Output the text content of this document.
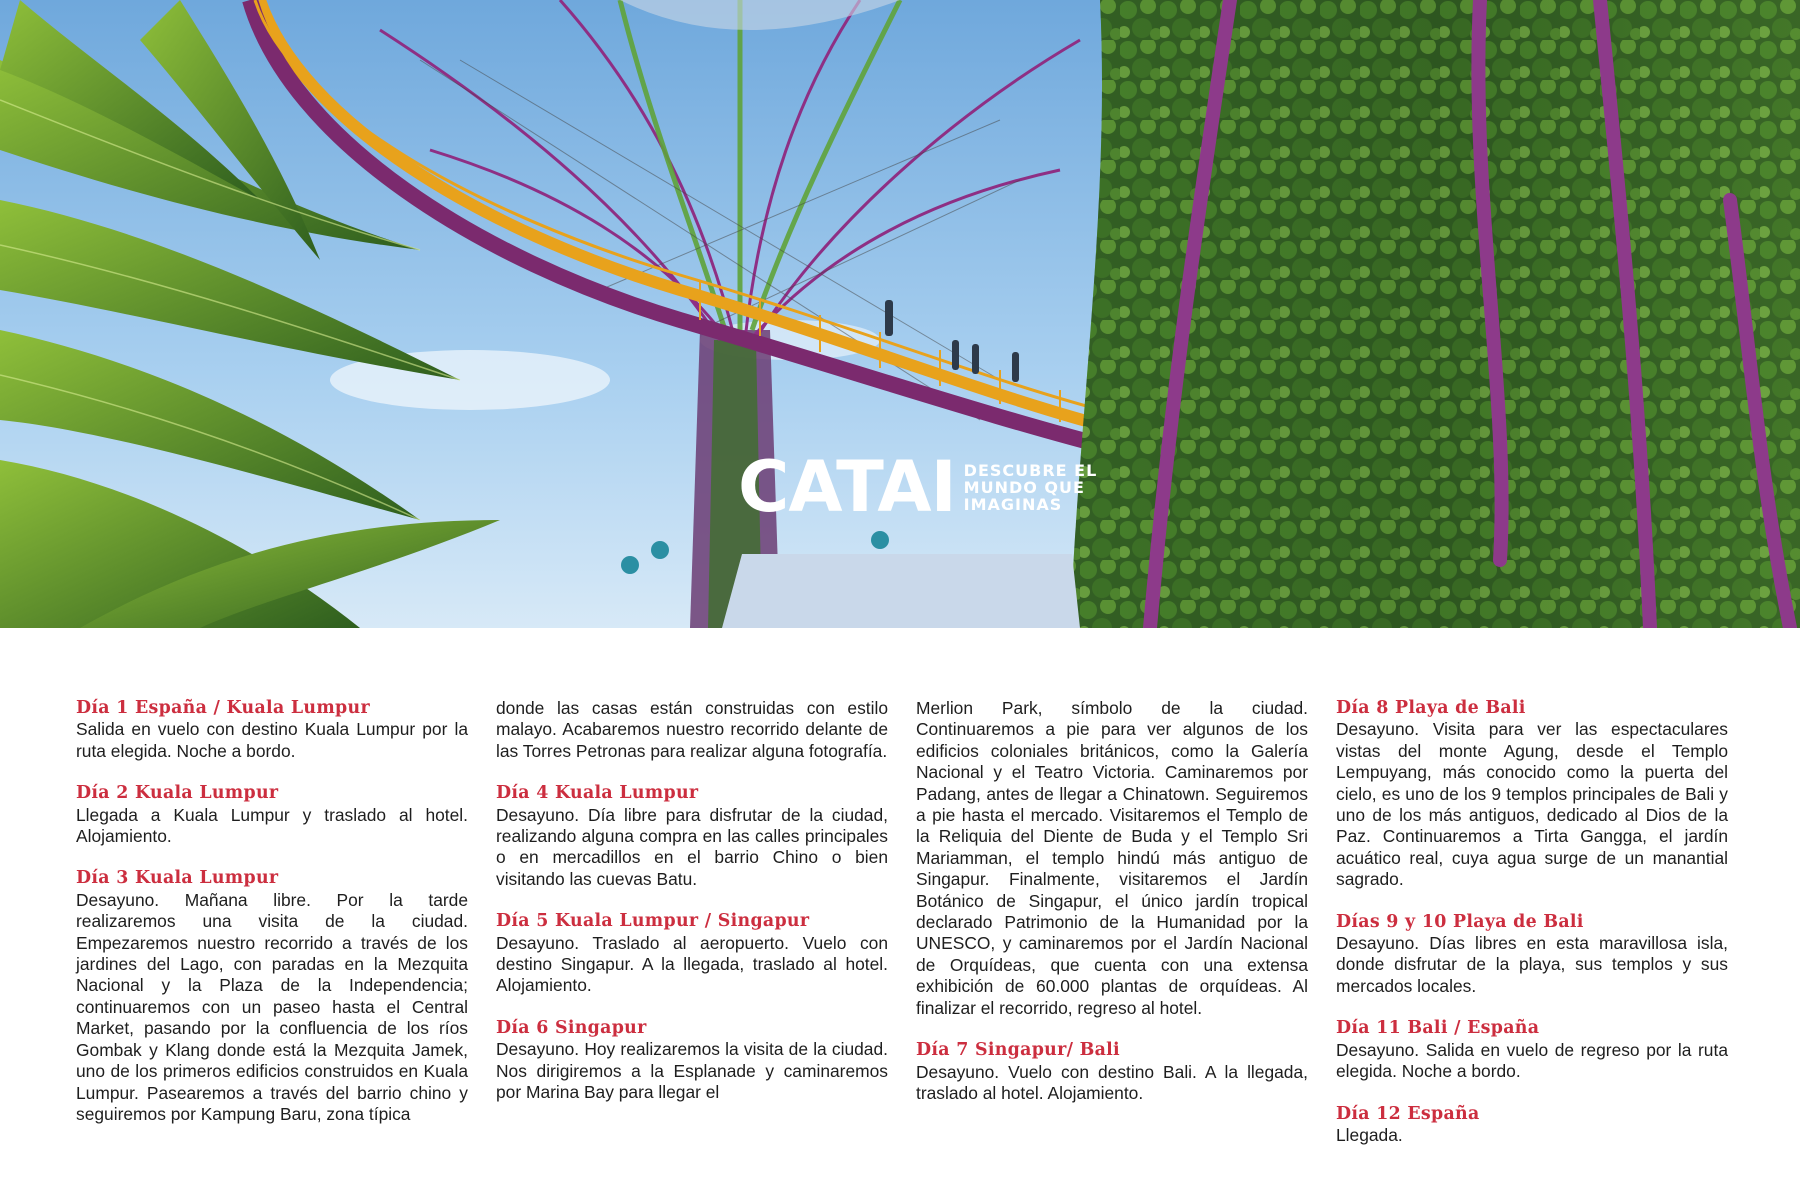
CATAI DESCUBRE EL
MUNDO QUE
IMAGINAS
Día 1 España / Kuala Lumpur

Salida en vuelo con destino Kuala Lumpur por la ruta elegida. Noche a bordo.

Día 2 Kuala Lumpur

Llegada a Kuala Lumpur y traslado al hotel. Alojamiento.

Día 3 Kuala Lumpur

Desayuno. Mañana libre. Por la tarde realizaremos una visita de la ciudad. Empezaremos nuestro recorrido a través de los jardines del Lago, con paradas en la Mezquita Nacional y la Plaza de la Independencia; continuaremos con un paseo hasta el Central Market, pasando por la confluencia de los ríos Gombak y Klang donde está la Mezquita Jamek, uno de los primeros edificios construidos en Kuala Lumpur. Pasearemos a través del barrio chino y seguiremos por Kampung Baru, zona típica

donde las casas están construidas con estilo malayo. Acabaremos nuestro recorrido delante de las Torres Petronas para realizar alguna fotografía.

Día 4 Kuala Lumpur

Desayuno. Día libre para disfrutar de la ciudad, realizando alguna compra en las calles principales o en mercadillos en el barrio Chino o bien visitando las cuevas Batu.

Día 5 Kuala Lumpur / Singapur

Desayuno. Traslado al aeropuerto. Vuelo con destino Singapur. A la llegada, traslado al hotel. Alojamiento.

Día 6 Singapur

Desayuno. Hoy realizaremos la visita de la ciudad. Nos dirigiremos a la Esplanade y caminaremos por Marina Bay para llegar el

Merlion Park, símbolo de la ciudad. Continuaremos a pie para ver algunos de los edificios coloniales británicos, como la Galería Nacional y el Teatro Victoria. Caminaremos por Padang, antes de llegar a Chinatown. Seguiremos a pie hasta el mercado. Visitaremos el Templo de la Reliquia del Diente de Buda y el Templo Sri Mariamman, el templo hindú más antiguo de Singapur. Finalmente, visitaremos el Jardín Botánico de Singapur, el único jardín tropical declarado Patrimonio de la Humanidad por la UNESCO, y caminaremos por el Jardín Nacional de Orquídeas, que cuenta con una extensa exhibición de 60.000 plantas de orquídeas. Al finalizar el recorrido, regreso al hotel.

Día 7 Singapur/ Bali

Desayuno. Vuelo con destino Bali. A la llegada, traslado al hotel. Alojamiento.

Día 8 Playa de Bali

Desayuno. Visita para ver las espectaculares vistas del monte Agung, desde el Templo Lempuyang, más conocido como la puerta del cielo, es uno de los 9 templos principales de Bali y uno de los más antiguos, dedicado al Dios de la Paz. Continuaremos a Tirta Gangga, el jardín acuático real, cuya agua surge de un manantial sagrado.

Días 9 y 10 Playa de Bali

Desayuno. Días libres en esta maravillosa isla, donde disfrutar de la playa, sus templos y sus mercados locales.

Día 11 Bali / España

Desayuno. Salida en vuelo de regreso por la ruta elegida. Noche a bordo.

Día 12 España

Llegada.
